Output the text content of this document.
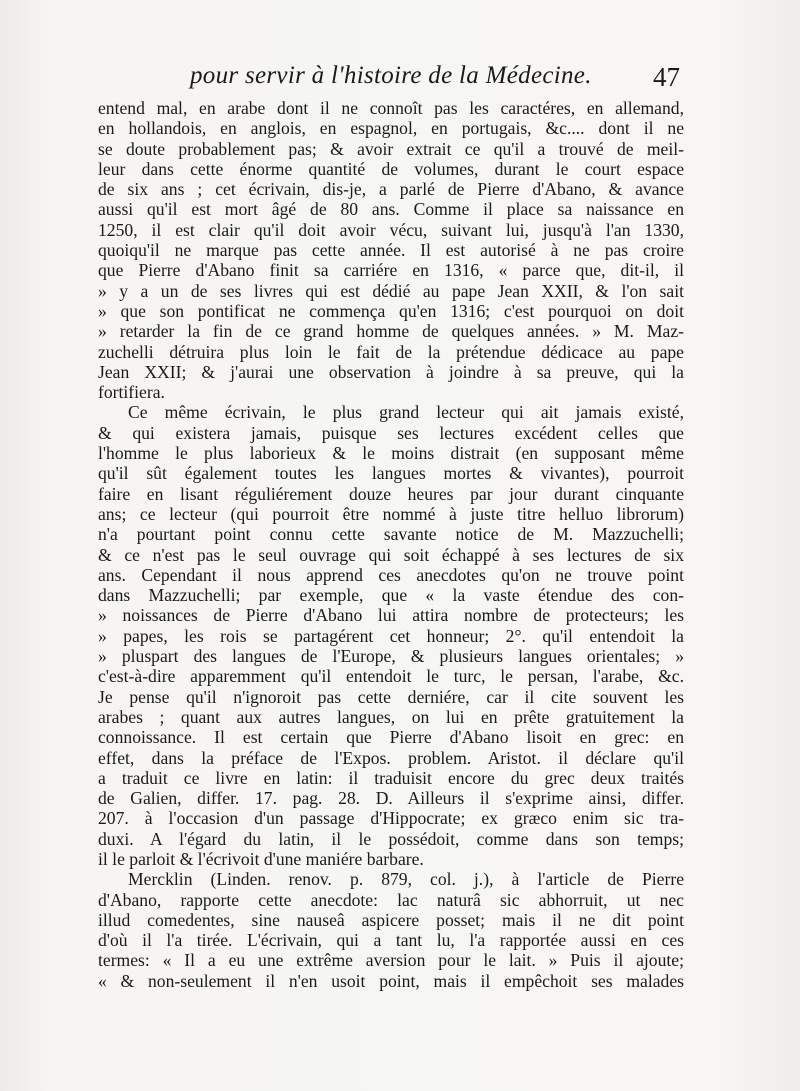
pour servir à l'histoire de la Médecine. 47
entend mal, en arabe dont il ne connoît pas les caractéres, en allemand,
en hollandois, en anglois, en espagnol, en portugais, &c.... dont il ne
se doute probablement pas; & avoir extrait ce qu'il a trouvé de meil-
leur dans cette énorme quantité de volumes, durant le court espace
de six ans ; cet écrivain, dis-je, a parlé de Pierre d'Abano, & avance
aussi qu'il est mort âgé de 80 ans. Comme il place sa naissance en
1250, il est clair qu'il doit avoir vécu, suivant lui, jusqu'à l'an 1330,
quoiqu'il ne marque pas cette année. Il est autorisé à ne pas croire
que Pierre d'Abano finit sa carriére en 1316, « parce que, dit-il, il
» y a un de ses livres qui est dédié au pape Jean XXII, & l'on sait
» que son pontificat ne commença qu'en 1316; c'est pourquoi on doit
» retarder la fin de ce grand homme de quelques années. » M. Maz-
zuchelli détruira plus loin le fait de la prétendue dédicace au pape
Jean XXII; & j'aurai une observation à joindre à sa preuve, qui la
fortifiera.
Ce même écrivain, le plus grand lecteur qui ait jamais existé,
& qui existera jamais, puisque ses lectures excédent celles que
l'homme le plus laborieux & le moins distrait (en supposant même
qu'il sût également toutes les langues mortes & vivantes), pourroit
faire en lisant réguliérement douze heures par jour durant cinquante
ans; ce lecteur (qui pourroit être nommé à juste titre helluo librorum)
n'a pourtant point connu cette savante notice de M. Mazzuchelli;
& ce n'est pas le seul ouvrage qui soit échappé à ses lectures de six
ans. Cependant il nous apprend ces anecdotes qu'on ne trouve point
dans Mazzuchelli; par exemple, que « la vaste étendue des con-
» noissances de Pierre d'Abano lui attira nombre de protecteurs; les
» papes, les rois se partagérent cet honneur; 2°. qu'il entendoit la
» pluspart des langues de l'Europe, & plusieurs langues orientales; »
c'est-à-dire apparemment qu'il entendoit le turc, le persan, l'arabe, &c.
Je pense qu'il n'ignoroit pas cette derniére, car il cite souvent les
arabes ; quant aux autres langues, on lui en prête gratuitement la
connoissance. Il est certain que Pierre d'Abano lisoit en grec: en
effet, dans la préface de l'Expos. problem. Aristot. il déclare qu'il
a traduit ce livre en latin: il traduisit encore du grec deux traités
de Galien, differ. 17. pag. 28. D. Ailleurs il s'exprime ainsi, differ.
207. à l'occasion d'un passage d'Hippocrate; ex græco enim sic tra-
duxi. A l'égard du latin, il le possédoit, comme dans son temps;
il le parloit & l'écrivoit d'une maniére barbare.
Mercklin (Linden. renov. p. 879, col. j.), à l'article de Pierre
d'Abano, rapporte cette anecdote: lac naturâ sic abhorruit, ut nec
illud comedentes, sine nauseâ aspicere posset; mais il ne dit point
d'où il l'a tirée. L'écrivain, qui a tant lu, l'a rapportée aussi en ces
termes: « Il a eu une extrême aversion pour le lait. » Puis il ajoute;
« & non-seulement il n'en usoit point, mais il empêchoit ses malades
